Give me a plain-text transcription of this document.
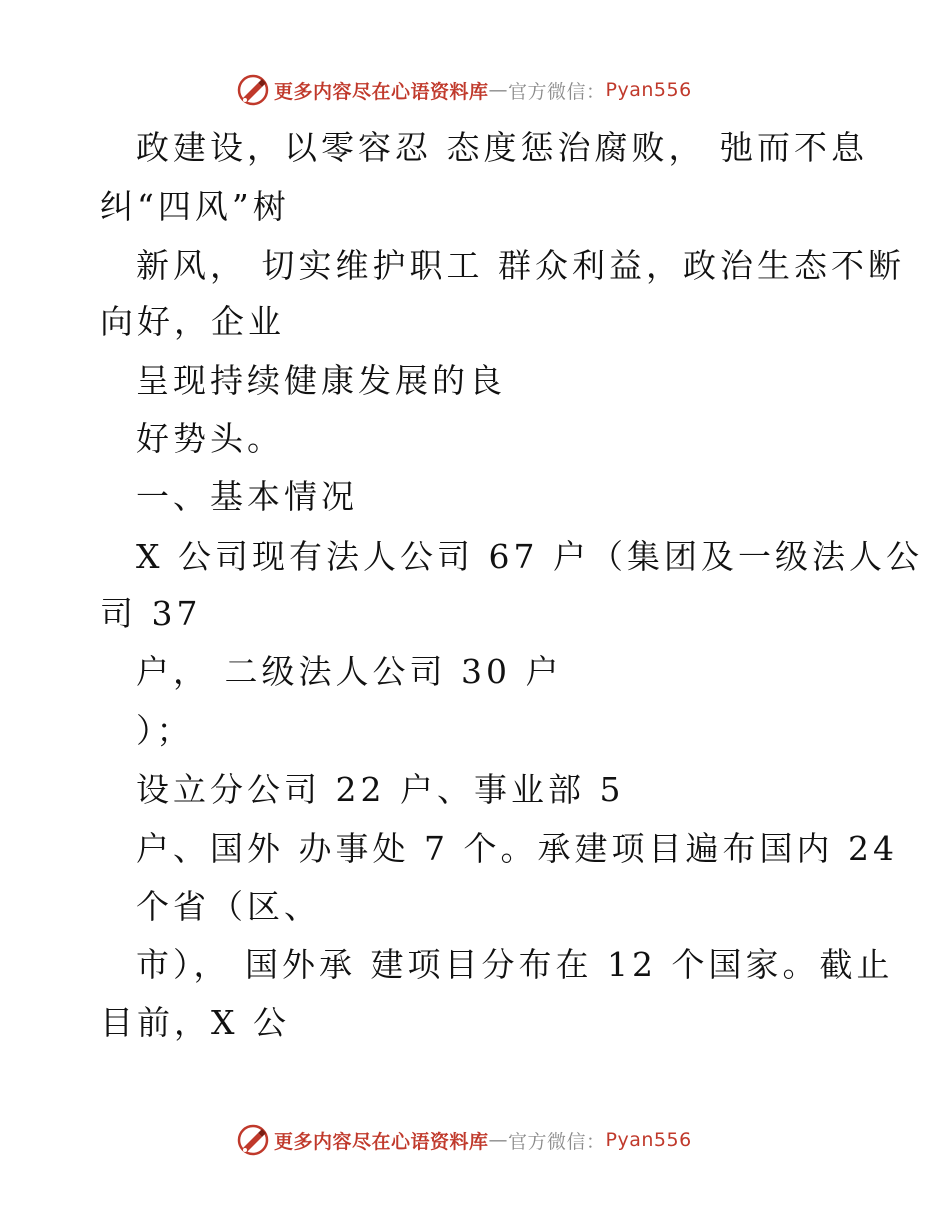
更多内容尽在心语资料库 — 官方微信： Pyan556
政建设，以零容忍 态度惩治腐败， 弛而不息
纠“四风”树
新风， 切实维护职工 群众利益，政治生态不断
向好，企业
呈现持续健康发展的良
好势头。
一、基本情况
X 公司现有法人公司 67 户（集团及一级法人公
司 37
户， 二级法人公司 30 户
）；
设立分公司 22 户、事业部 5
户、国外 办事处 7 个。承建项目遍布国内 24
个省（区、
市）， 国外承 建项目分布在 12 个国家。截止
目前，X 公
更多内容尽在心语资料库 — 官方微信： Pyan556
